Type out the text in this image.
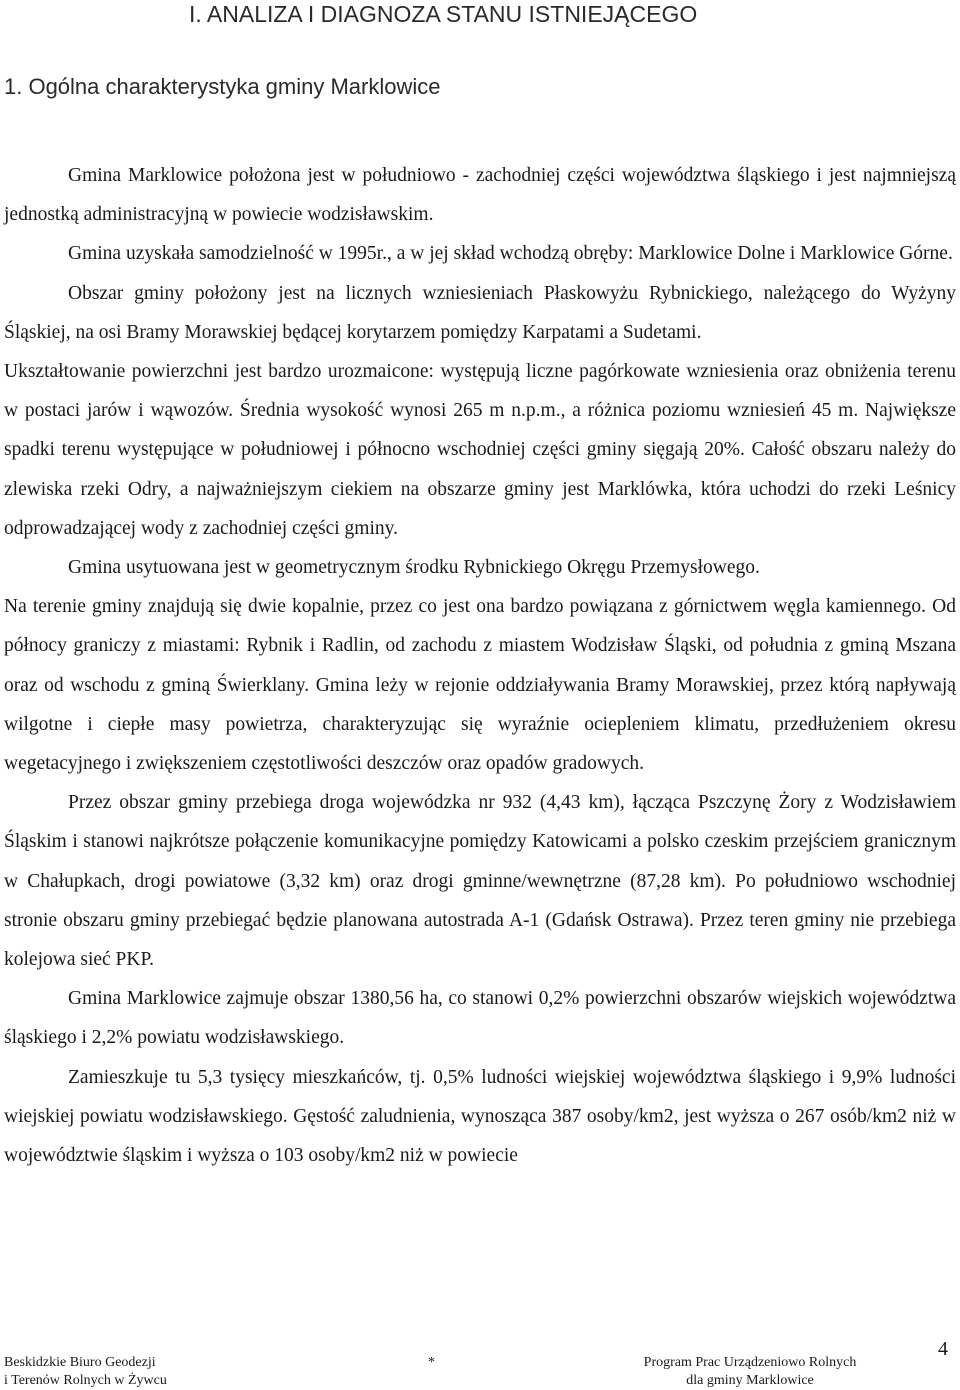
I. ANALIZA I DIAGNOZA STANU ISTNIEJĄCEGO
1. Ogólna charakterystyka gminy Marklowice

Gmina Marklowice położona jest w południowo - zachodniej części województwa śląskiego i jest najmniejszą jednostką administracyjną w powiecie wodzisławskim.

Gmina uzyskała samodzielność w 1995r., a w jej skład wchodzą obręby: Marklowice Dolne i Marklowice Górne.

Obszar gminy położony jest na licznych wzniesieniach Płaskowyżu Rybnickiego, należącego do Wyżyny Śląskiej, na osi Bramy Morawskiej będącej korytarzem pomiędzy Karpatami a Sudetami.

Ukształtowanie powierzchni jest bardzo urozmaicone: występują liczne pagórkowate wzniesienia oraz obniżenia terenu w postaci jarów i wąwozów. Średnia wysokość wynosi 265 m n.p.m., a różnica poziomu wzniesień 45 m. Największe spadki terenu występujące w południowej i północno wschodniej części gminy sięgają 20%. Całość obszaru należy do zlewiska rzeki Odry, a najważniejszym ciekiem na obszarze gminy jest Marklówka, która uchodzi do rzeki Leśnicy odprowadzającej wody z zachodniej części gminy.

Gmina usytuowana jest w geometrycznym środku Rybnickiego Okręgu Przemysłowego.

Na terenie gminy znajdują się dwie kopalnie, przez co jest ona bardzo powiązana z górnictwem węgla kamiennego. Od północy graniczy z miastami: Rybnik i Radlin, od zachodu z miastem Wodzisław Śląski, od południa z gminą Mszana oraz od wschodu z gminą Świerklany. Gmina leży w rejonie oddziaływania Bramy Morawskiej, przez którą napływają wilgotne i ciepłe masy powietrza, charakteryzując się wyraźnie ociepleniem klimatu, przedłużeniem okresu wegetacyjnego i zwiększeniem częstotliwości deszczów oraz opadów gradowych.

Przez obszar gminy przebiega droga wojewódzka nr 932 (4,43 km), łącząca Pszczynę Żory z Wodzisławiem Śląskim i stanowi najkrótsze połączenie komunikacyjne pomiędzy Katowicami a polsko czeskim przejściem granicznym w Chałupkach, drogi powiatowe (3,32 km) oraz drogi gminne/wewnętrzne (87,28 km). Po południowo wschodniej stronie obszaru gminy przebiegać będzie planowana autostrada A-1 (Gdańsk Ostrawa). Przez teren gminy nie przebiega kolejowa sieć PKP.

Gmina Marklowice zajmuje obszar 1380,56 ha, co stanowi 0,2% powierzchni obszarów wiejskich województwa śląskiego i 2,2% powiatu wodzisławskiego.

Zamieszkuje tu 5,3 tysięcy mieszkańców, tj. 0,5% ludności wiejskiej województwa śląskiego i 9,9% ludności wiejskiej powiatu wodzisławskiego. Gęstość zaludnienia, wynosząca 387 osoby/km2, jest wyższa o 267 osób/km2 niż w województwie śląskim i wyższa o 103 osoby/km2 niż w powiecie

Beskidzkie Biuro Geodezji
i Terenów Rolnych w Żywcu
*	Program Prac Urządzeniowo Rolnych
dla gminy Marklowice
4
